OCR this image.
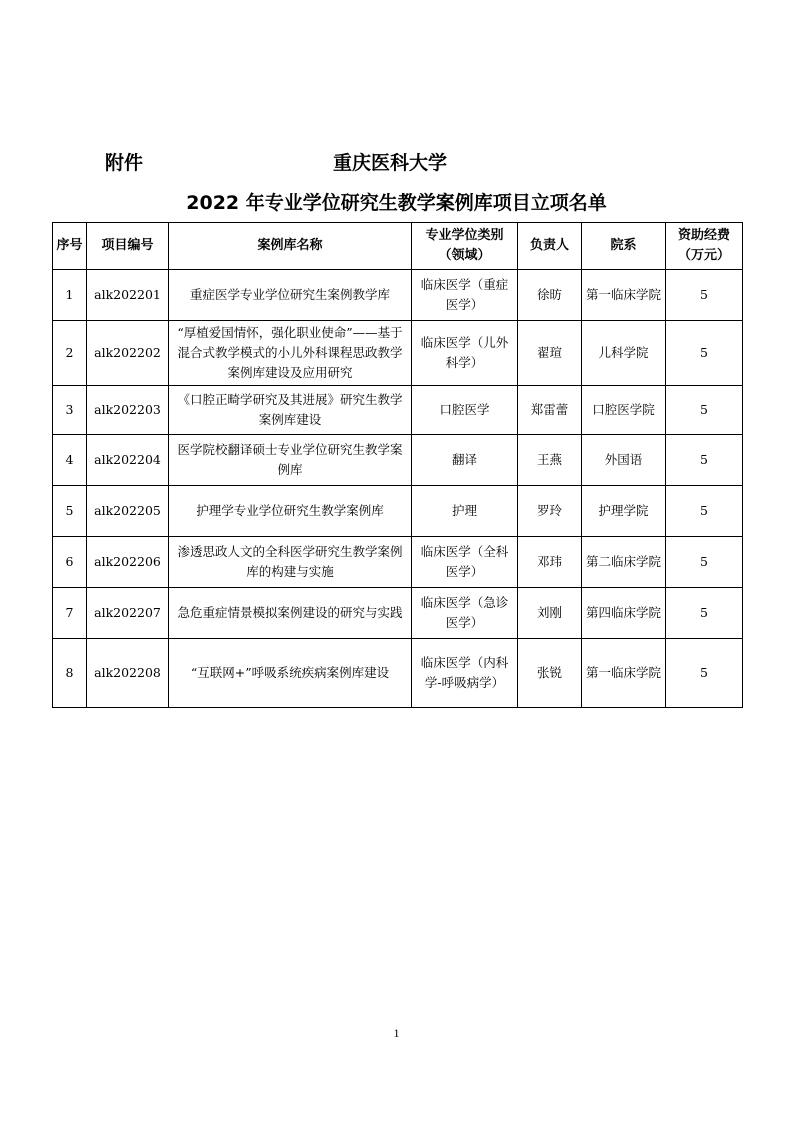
附件	重庆医科大学
2022 年专业学位研究生教学案例库项目立项名单
序号	项目编号	案例库名称	专业学位类别（领域）	负责人	院系	资助经费（万元）
1	alk202201	重症医学专业学位研究生案例教学库	临床医学（重症医学）	徐昉	第一临床学院	5
2	alk202202	“厚植爱国情怀，强化职业使命”——基于混合式教学模式的小儿外科课程思政教学案例库建设及应用研究	临床医学（儿外科学）	翟瑄	儿科学院	5
3	alk202203	《口腔正畸学研究及其进展》研究生教学案例库建设	口腔医学	郑雷蕾	口腔医学院	5
4	alk202204	医学院校翻译硕士专业学位研究生教学案例库	翻译	王燕	外国语	5
5	alk202205	护理学专业学位研究生教学案例库	护理	罗玲	护理学院	5
6	alk202206	渗透思政人文的全科医学研究生教学案例库的构建与实施	临床医学（全科医学）	邓玮	第二临床学院	5
7	alk202207	急危重症情景模拟案例建设的研究与实践	临床医学（急诊医学）	刘刚	第四临床学院	5
8	alk202208	“互联网+”呼吸系统疾病案例库建设	临床医学（内科学-呼吸病学）	张锐	第一临床学院	5
1
